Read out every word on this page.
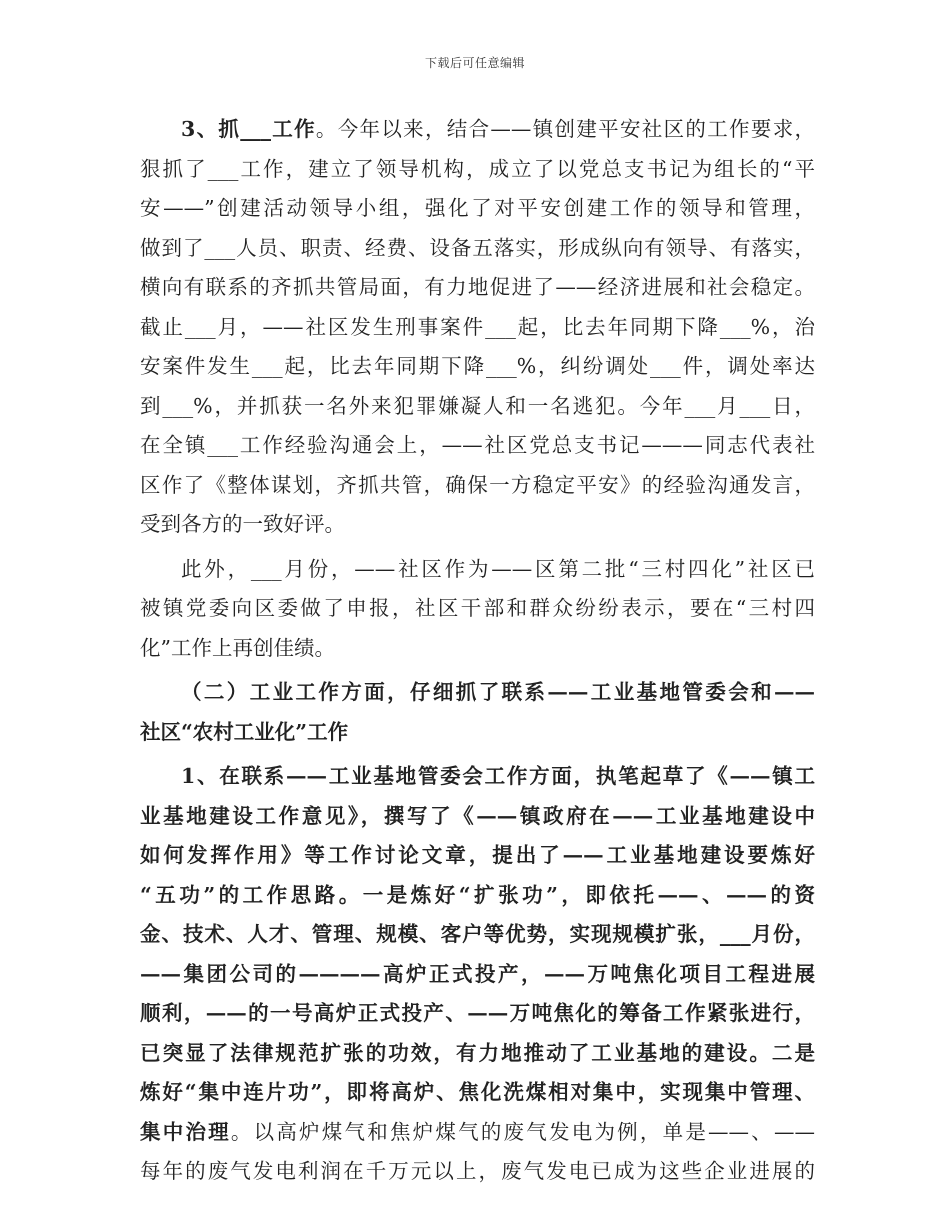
下载后可任意编辑

3、抓___工作。今年以来，结合——镇创建平安社区的工作要求，

狠抓了___工作，建立了领导机构，成立了以党总支书记为组长的“平

安——”创建活动领导小组，强化了对平安创建工作的领导和管理，

做到了___人员、职责、经费、设备五落实，形成纵向有领导、有落实，

横向有联系的齐抓共管局面，有力地促进了——经济进展和社会稳定。

截止___月，——社区发生刑事案件___起，比去年同期下降___%，治

安案件发生___起，比去年同期下降___%，纠纷调处___件，调处率达

到___%，并抓获一名外来犯罪嫌凝人和一名逃犯。今年___月___日，

在全镇___工作经验沟通会上，——社区党总支书记———同志代表社

区作了《整体谋划，齐抓共管，确保一方稳定平安》的经验沟通发言，

受到各方的一致好评。

此外，___月份，——社区作为——区第二批“三村四化”社区已

被镇党委向区委做了申报，社区干部和群众纷纷表示，要在“三村四

化”工作上再创佳绩。

（二）工业工作方面，仔细抓了联系——工业基地管委会和——

社区“农村工业化”工作

1、在联系——工业基地管委会工作方面，执笔起草了《——镇工

业基地建设工作意见》，撰写了《——镇政府在——工业基地建设中

如何发挥作用》等工作讨论文章，提出了——工业基地建设要炼好

“五功”的工作思路。一是炼好“扩张功”，即依托——、——的资

金、技术、人才、管理、规模、客户等优势，实现规模扩张，___月份，

——集团公司的————高炉正式投产，——万吨焦化项目工程进展

顺利，——的一号高炉正式投产、——万吨焦化的筹备工作紧张进行，

已突显了法律规范扩张的功效，有力地推动了工业基地的建设。二是

炼好“集中连片功”，即将高炉、焦化洗煤相对集中，实现集中管理、

集中治理。以高炉煤气和焦炉煤气的废气发电为例，单是——、——

每年的废气发电利润在千万元以上，废气发电已成为这些企业进展的
